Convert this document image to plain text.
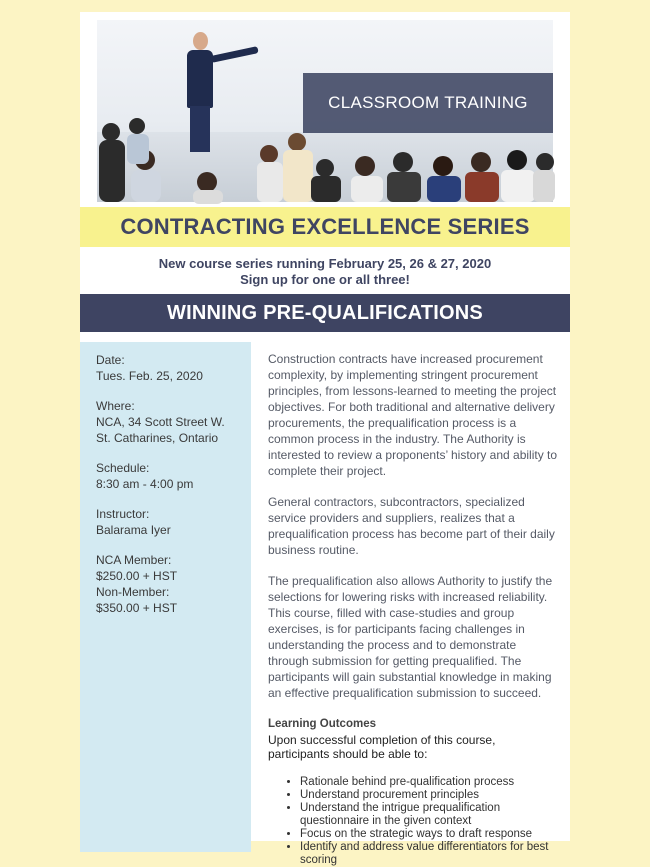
CLASSROOM TRAINING
CONTRACTING EXCELLENCE SERIES
New course series running February 25, 26 & 27, 2020
Sign up for one or all three!
WINNING PRE-QUALIFICATIONS
Date:
Tues. Feb. 25, 2020
Where:
NCA, 34 Scott Street W.
St. Catharines, Ontario
Schedule:
8:30 am - 4:00 pm
Instructor:
Balarama Iyer
NCA Member:
$250.00 + HST
Non-Member:
$350.00 + HST

Construction contracts have increased procurement complexity, by implementing stringent procurement principles, from lessons-learned to meeting the project objectives. For both traditional and alternative delivery procurements, the prequalification process is a common process in the industry. The Authority is interested to review a proponents’ history and ability to complete their project.

General contractors, subcontractors, specialized service providers and suppliers, realizes that a prequalification process has become part of their daily business routine.

The prequalification also allows Authority to justify the selections for lowering risks with increased reliability. This course, filled with case-studies and group exercises, is for participants facing challenges in understanding the process and to demonstrate through submission for getting prequalified. The participants will gain substantial knowledge in making an effective prequalification submission to succeed.

Learning Outcomes

Upon successful completion of this course, participants should be able to:

• Rationale behind pre-qualification process
• Understand procurement principles
• Understand the intrigue prequalification questionnaire in the given context
• Focus on the strategic ways to draft response
• Identify and address value differentiators for best scoring
